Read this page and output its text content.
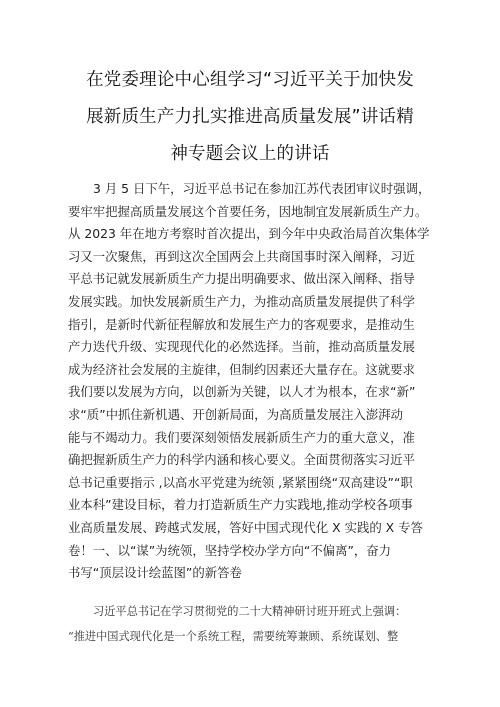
在党委理论中心组学习“习近平关于加快发
展新质生产力扎实推进高质量发展”讲话精
神专题会议上的讲话
3 月 5 日下午，习近平总书记在参加江苏代表团审议时强调，
要牢牢把握高质量发展这个首要任务，因地制宜发展新质生产力。
从 2023 年在地方考察时首次提出，到今年中央政治局首次集体学
习又一次聚焦，再到这次全国两会上共商国事时深入阐释，习近
平总书记就发展新质生产力提出明确要求、做出深入阐释、指导
发展实践。加快发展新质生产力，为推动高质量发展提供了科学
指引，是新时代新征程解放和发展生产力的客观要求，是推动生
产力迭代升级、实现现代化的必然选择。当前，推动高质量发展
成为经济社会发展的主旋律，但制约因素还大量存在。这就要求
我们要以发展为方向，以创新为关键，以人才为根本，在求“新”
求“质”中抓住新机遇、开创新局面，为高质量发展注入澎湃动
能与不竭动力。我们要深刻领悟发展新质生产力的重大意义，准
确把握新质生产力的科学内涵和核心要义。全面贯彻落实习近平
总书记重要指示 ,以高水平党建为统领 ,紧紧围绕“双高建设”“职
业本科”建设目标，着力打造新质生产力实践地,推动学校各项事
业高质量发展、跨越式发展，答好中国式现代化 X 实践的 X 专答
卷！一、以“谋”为统领，坚持学校办学方向“不偏离”，奋力
书写“顶层设计绘蓝图”的新答卷
习近平总书记在学习贯彻党的二十大精神研讨班开班式上强调：
“推进中国式现代化是一个系统工程，需要统筹兼顾、系统谋划、整
